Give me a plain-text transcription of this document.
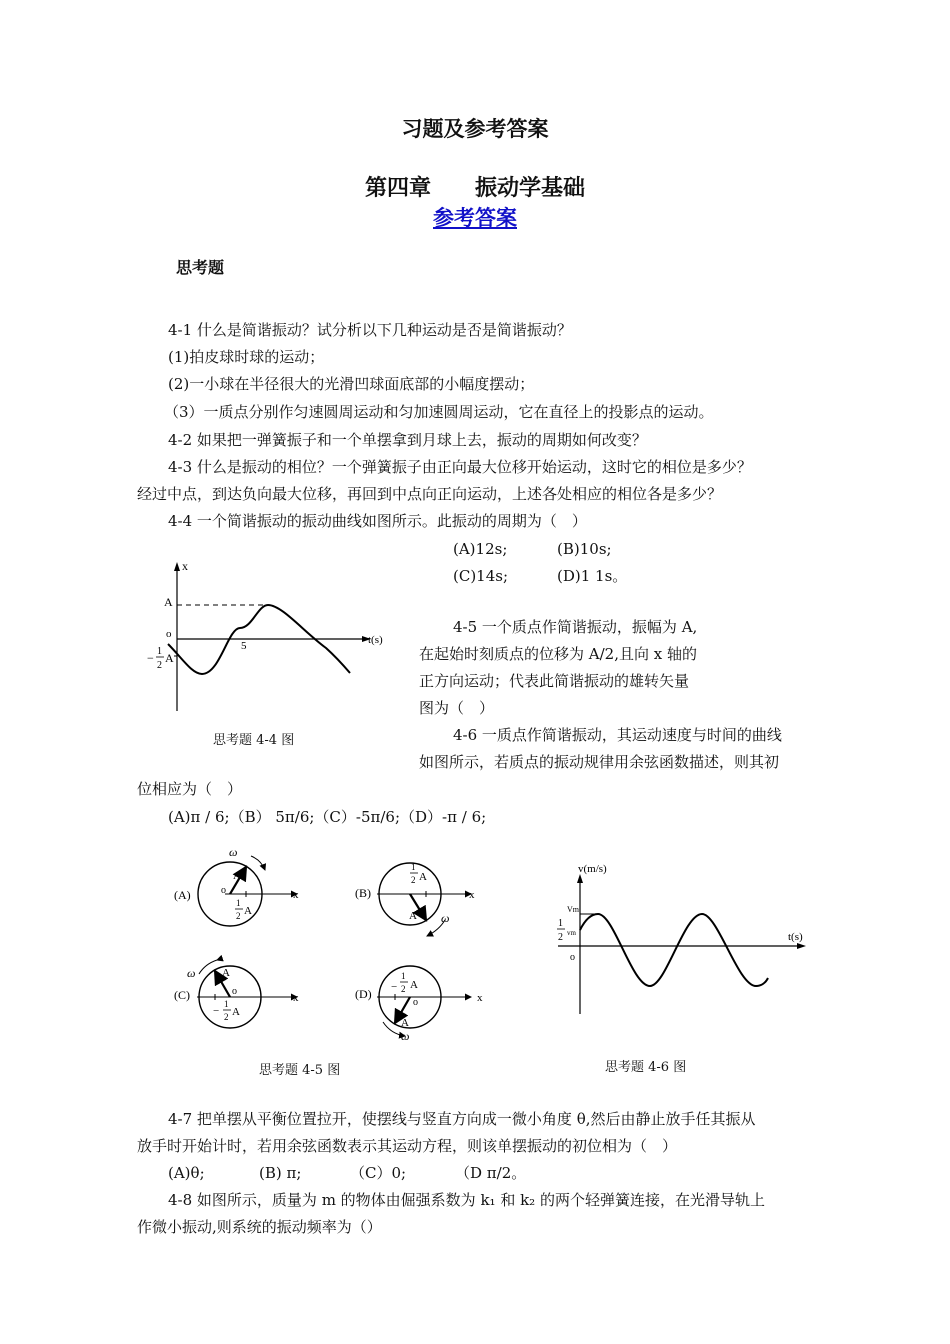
习题及参考答案
第四章　　振动学基础
参考答案
思考题
4-1 什么是简谐振动？试分析以下几种运动是否是简谐振动？
(1)拍皮球时球的运动；
(2)一小球在半径很大的光滑凹球面底部的小幅度摆动；
（3）一质点分别作匀速圆周运动和匀加速圆周运动，它在直径上的投影点的运动。
4-2 如果把一弹簧振子和一个单摆拿到月球上去，振动的周期如何改变？
4-3 什么是振动的相位？一个弹簧振子由正向最大位移开始运动，这时它的相位是多少？
经过中点，到达负向最大位移，再回到中点向正向运动，上述各处相应的相位各是多少？
4-4 一个简谐振动的振动曲线如图所示。此振动的周期为（　）
(A)12s;	(B)10s;
(C)14s;	(D)1 1s。
x
A
o
5	t(s)
− 1
2
A
思考题 4-4 图
4-5 一个质点作简谐振动，振幅为 A,
在起始时刻质点的位移为 A/2,且向 x 轴的
正方向运动；代表此简谐振动的雄转矢量
图为（　）
4-6 一质点作简谐振动，其运动速度与时间的曲线
如图所示，若质点的振动规律用余弦函数描述，则其初
位相应为（　）
(A)π / 6;（B） 5π/6;（C）-5π/6;（D）-π / 6;
(A)
ω
A
o	x
1
2 A
(B)
ω
A
1
2 A
x
(C)
ω A
o
x
−
1
2 A
(D)
ω
A
o
−
1
2 A
x
思考题 4-5 图
v(m/s)
Vm
1
2 vm
o
t(s)
思考题 4-6 图
4-7 把单摆从平衡位置拉开，使摆线与竖直方向成一微小角度 θ,然后由静止放手任其振从
放手时开始计时，若用余弦函数表示其运动方程，则该单摆振动的初位相为（　）
(A)θ;	(B) π;	（C）0;	（D π/2。
4-8 如图所示，质量为 m 的物体由倔强系数为 k₁ 和 k₂ 的两个轻弹簧连接，在光滑导轨上
作微小振动,则系统的振动频率为（）
